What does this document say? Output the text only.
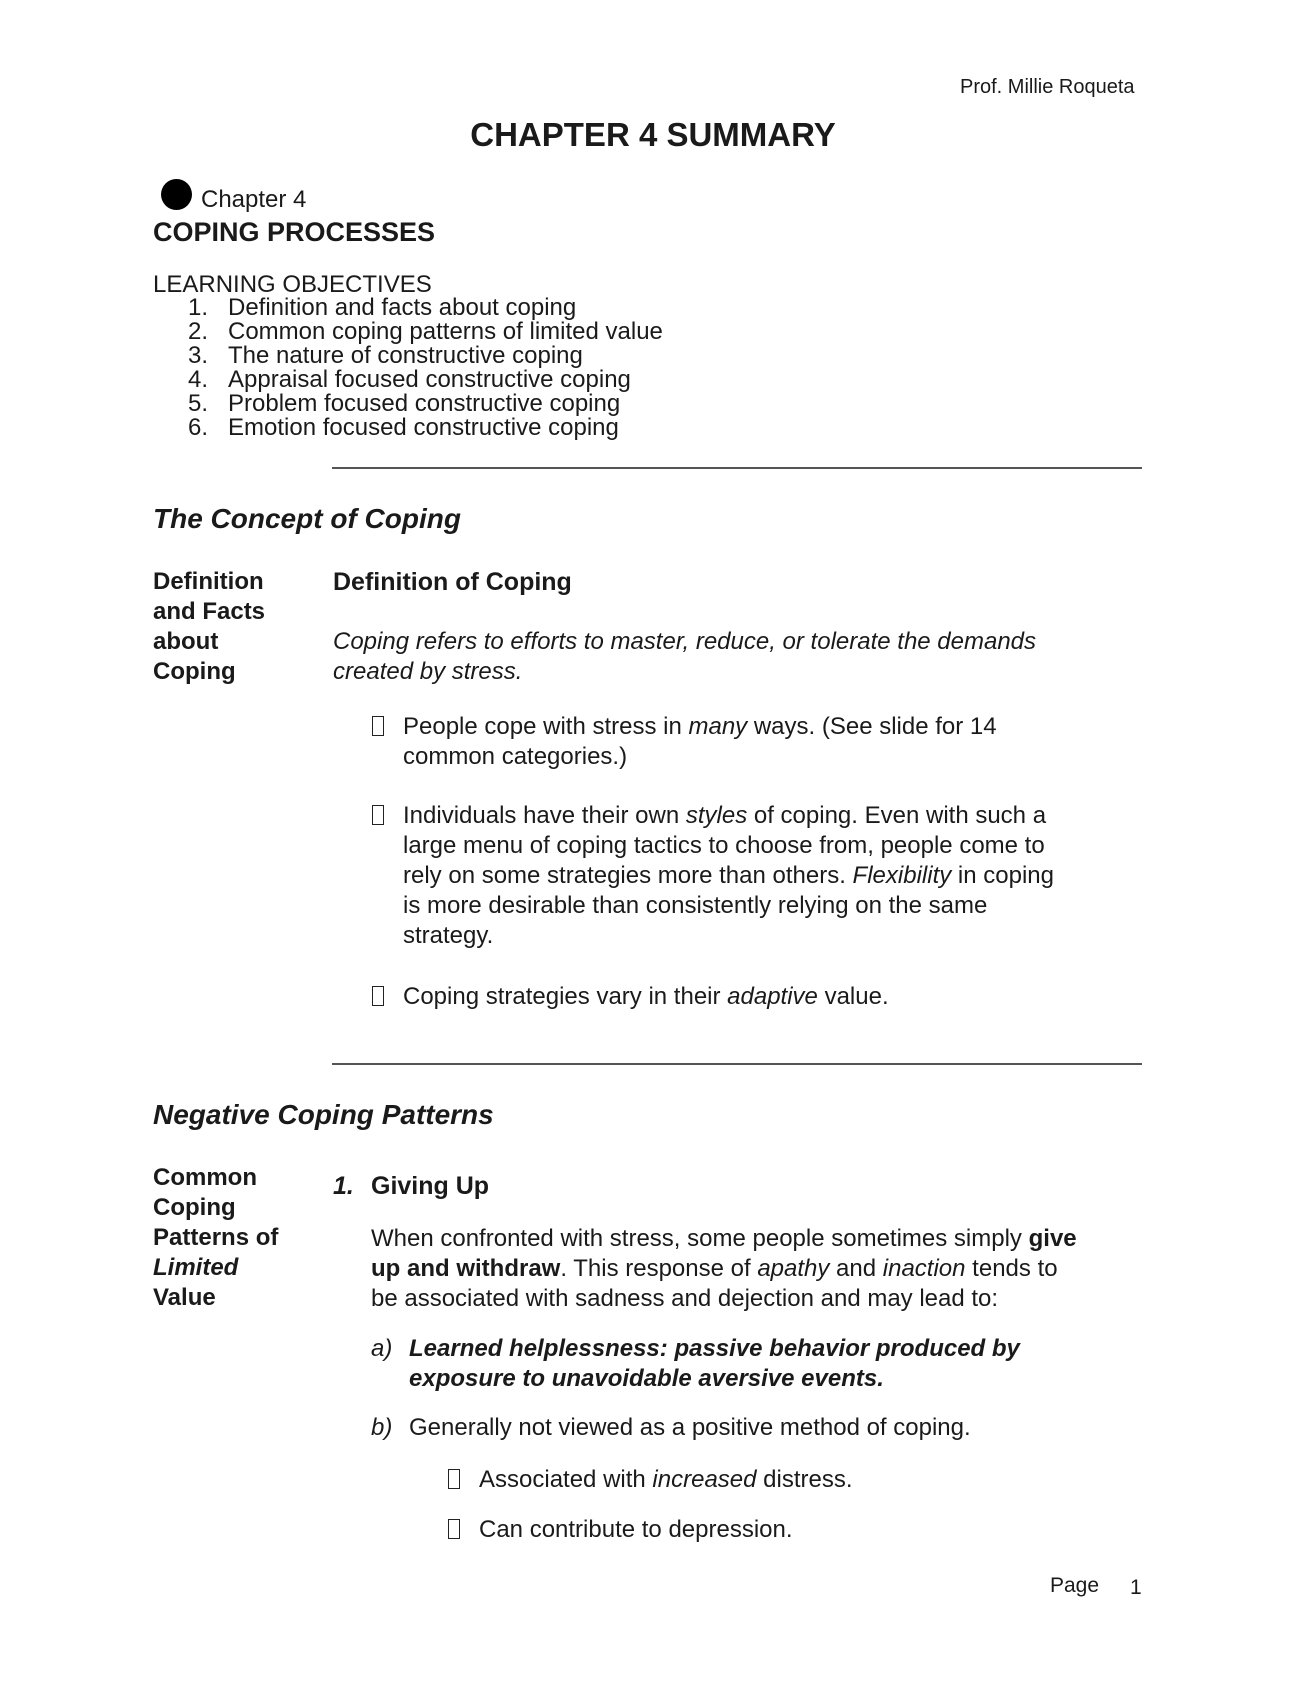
Prof. Millie Roqueta
CHAPTER 4 SUMMARY
Chapter 4
COPING PROCESSES
LEARNING OBJECTIVES
1. Definition and facts about coping
2. Common coping patterns of limited value
3. The nature of constructive coping
4. Appraisal focused constructive coping
5. Problem focused constructive coping
6. Emotion focused constructive coping
The Concept of Coping
Definition
and Facts
about
Coping
Definition of Coping
Coping refers to efforts to master, reduce, or tolerate the demands
created by stress.
People cope with stress in many ways. (See slide for 14
common categories.)
Individuals have their own styles of coping. Even with such a
large menu of coping tactics to choose from, people come to
rely on some strategies more than others. Flexibility in coping
is more desirable than consistently relying on the same
strategy.
Coping strategies vary in their adaptive value.
Negative Coping Patterns
Common
Coping
Patterns of
Limited
Value
1. Giving Up
When confronted with stress, some people sometimes simply give
up and withdraw. This response of apathy and inaction tends to
be associated with sadness and dejection and may lead to:
a) Learned helplessness: passive behavior produced by
exposure to unavoidable aversive events.
b) Generally not viewed as a positive method of coping.
Associated with increased distress.
Can contribute to depression.
Page 1
